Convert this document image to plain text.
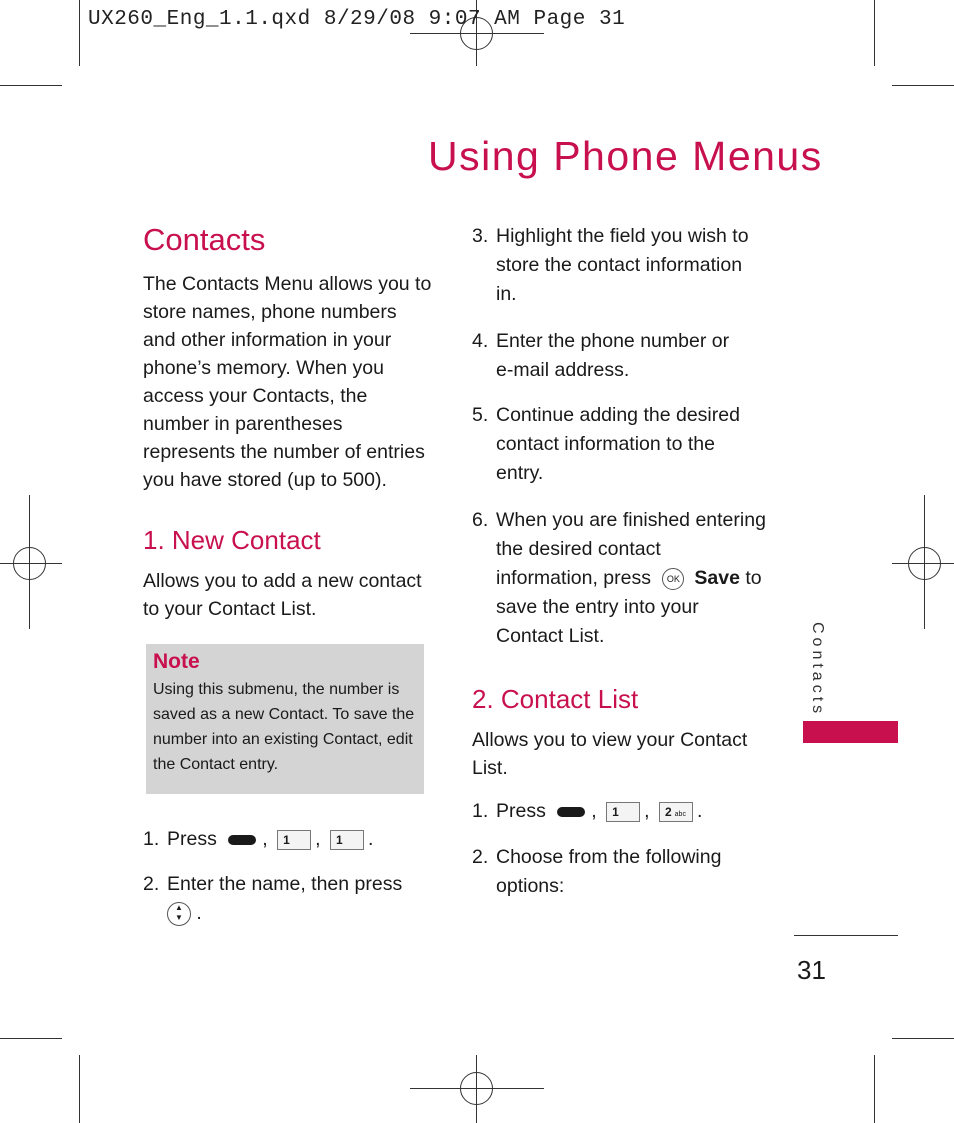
UX260_Eng_1.1.qxd 8/29/08 9:07 AM Page 31
Using Phone Menus
Contacts
The Contacts Menu allows you to store names, phone numbers and other information in your phone’s memory. When you access your Contacts, the number in parentheses represents the number of entries you have stored (up to 500).
1. New Contact
Allows you to add a new contact to your Contact List.
Note
Using this submenu, the number is saved as a new Contact. To save the number into an existing Contact, edit the Contact entry.
1. Press , 1 , 1 .
2. Enter the name, then press
▲
▼ .
3. Highlight the field you wish to store the contact information in.
4. Enter the phone number or e-mail address.
5. Continue adding the desired contact information to the entry.
6. When you are finished entering the desired contact information, press OK Save to save the entry into your Contact List.
2. Contact List
Allows you to view your Contact List.
1. Press , 1 , 2 abc .
2. Choose from the following options:
Contacts
31
